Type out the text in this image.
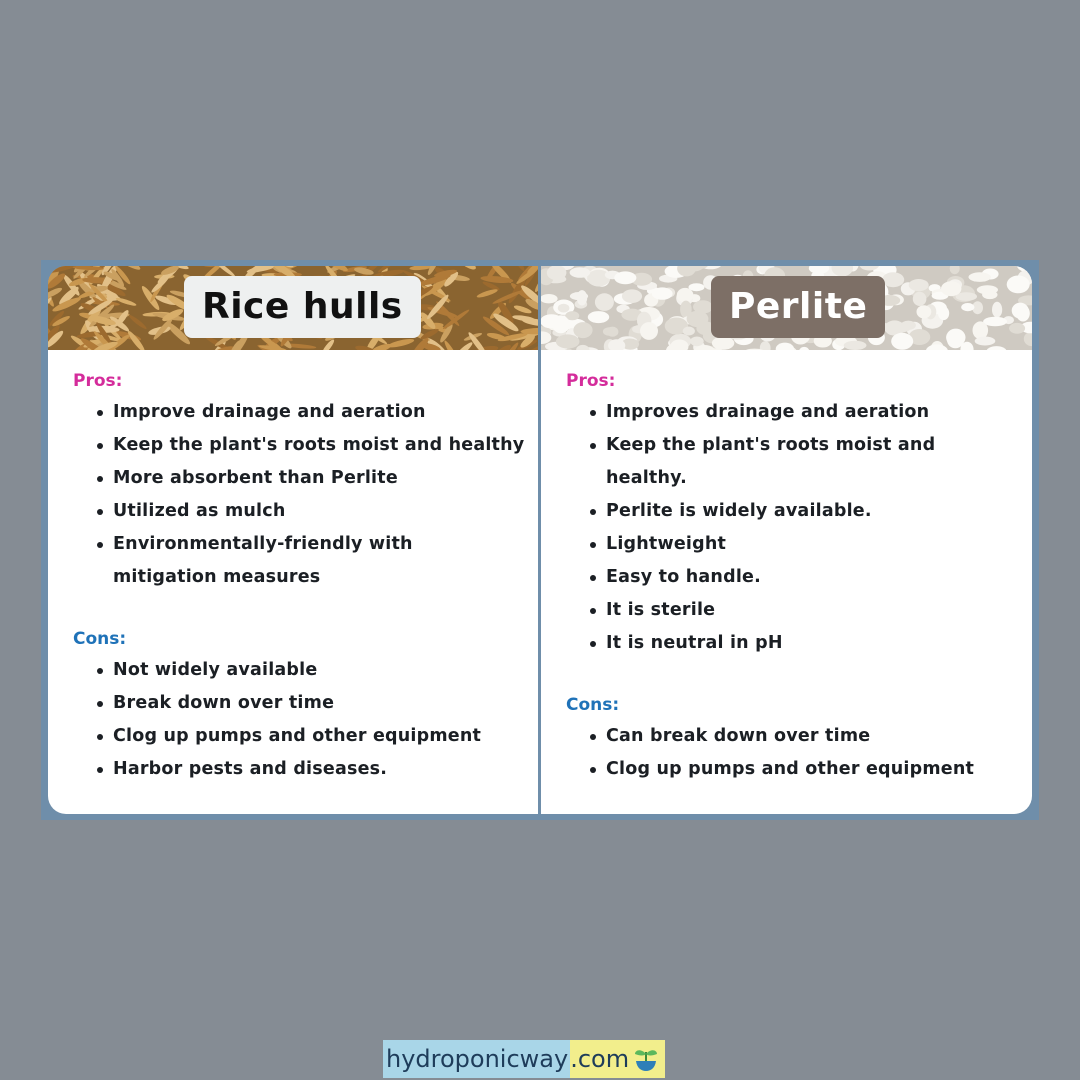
Rice hulls
Pros:
Improve drainage and aeration
Keep the plant's roots moist and healthy
More absorbent than Perlite
Utilized as mulch
Environmentally-friendly with mitigation measures
Cons:
Not widely available
Break down over time
Clog up pumps and other equipment
Harbor pests and diseases.
Perlite
Pros:
Improves drainage and aeration
Keep the plant's roots moist and healthy.
Perlite is widely available.
Lightweight
Easy to handle.
It is sterile
It is neutral in pH
Cons:
Can break down over time
Clog up pumps and other equipment
hydroponicway .com
